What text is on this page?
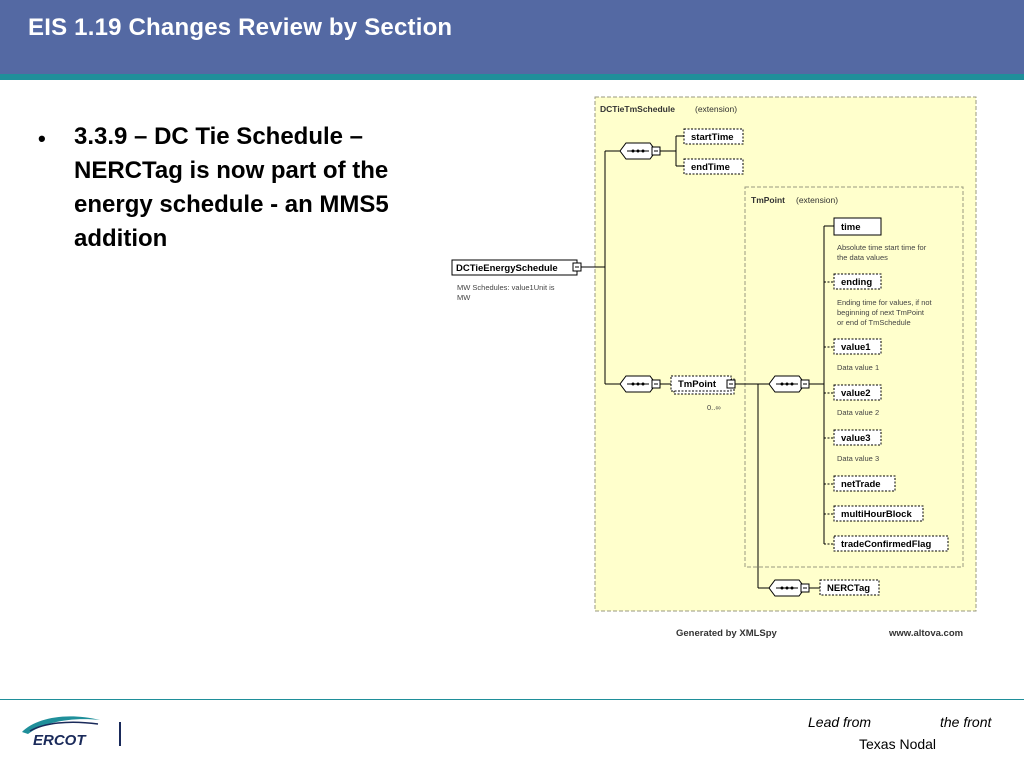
EIS 1.19 Changes Review by Section
• 3.3.9 – DC Tie Schedule – NERCTag is now part of the energy schedule - an MMS5 addition
DCTieTmSchedule (extension)
TmPoint (extension)
DCTieEnergySchedule
MW Schedules: value1Unit is
MW
startTime
endTime
TmPoint
0..∞
time
Absolute time start time for
the data values
ending
Ending time for values, if not
beginning of next TmPoint
or end of TmSchedule
value1
Data value 1
value2
Data value 2
value3
Data value 3
netTrade
multiHourBlock
tradeConfirmedFlag
NERCTag
Generated by XMLSpy	www.altova.com
ERCOT
Lead from	the front
Texas Nodal
